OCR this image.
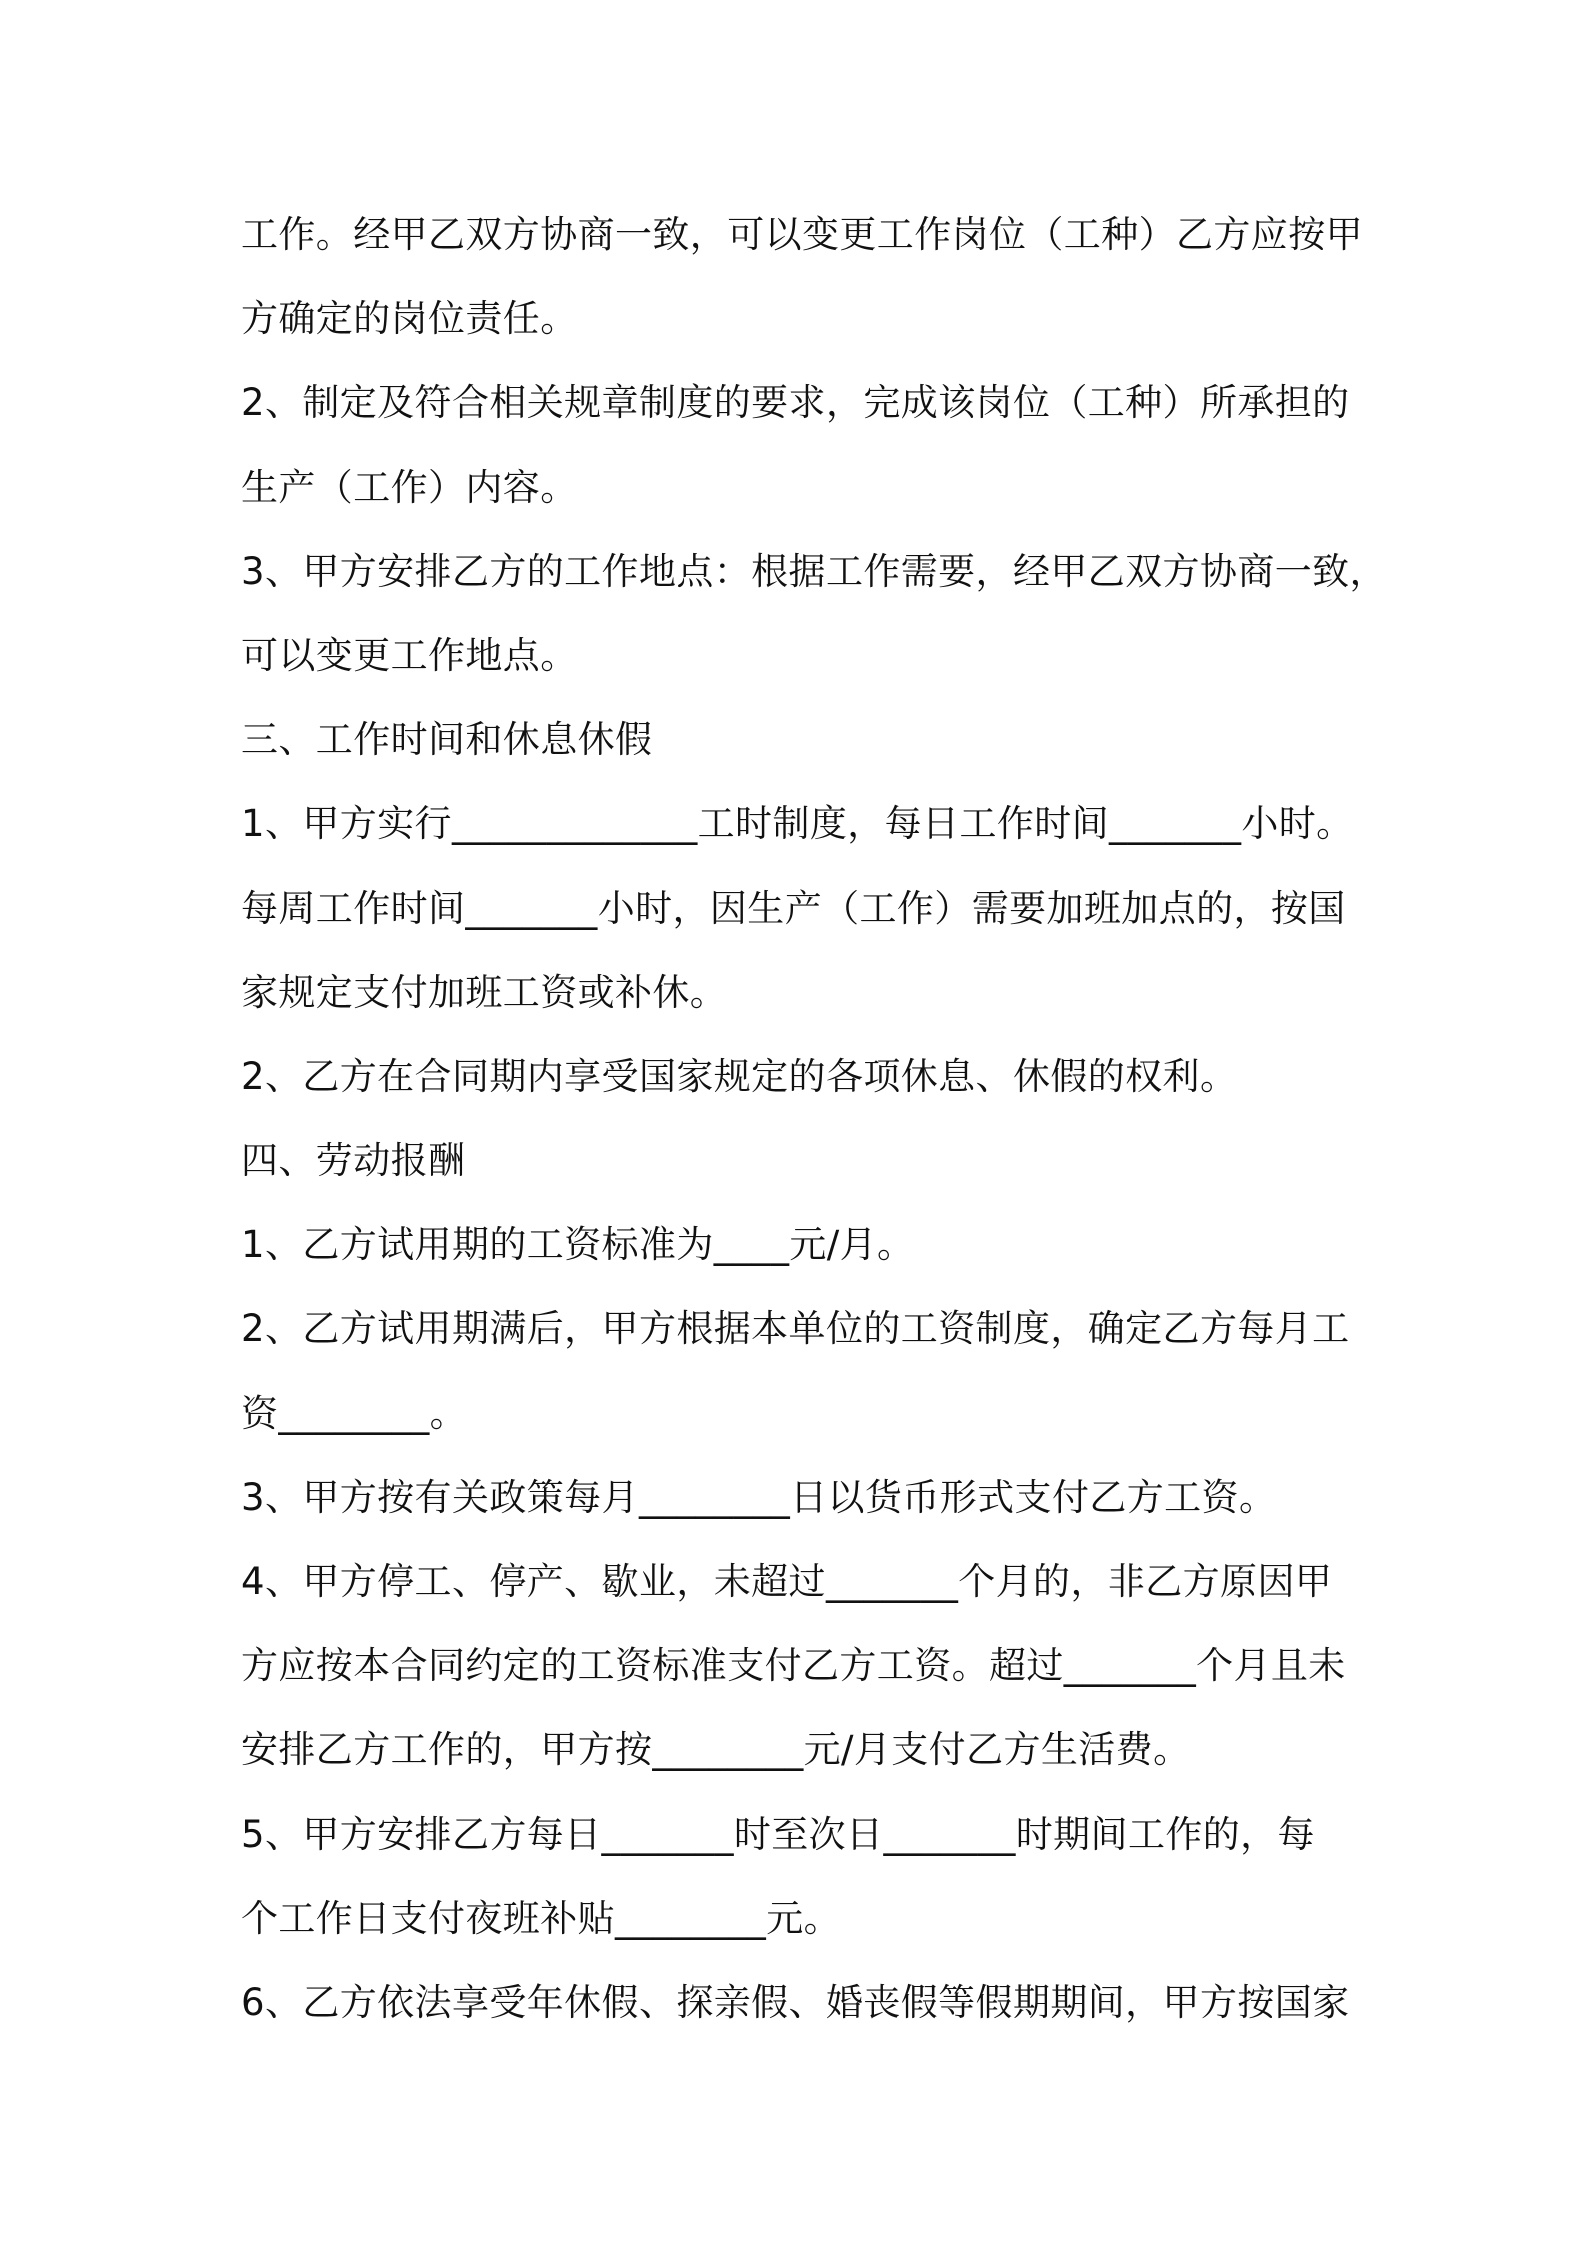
工作。经甲乙双方协商一致，可以变更工作岗位（工种）乙方应按甲
方确定的岗位责任。
2、制定及符合相关规章制度的要求，完成该岗位（工种）所承担的
生产（工作）内容。
3、甲方安排乙方的工作地点：根据工作需要，经甲乙双方协商一致，
可以变更工作地点。
三、工作时间和休息休假
1、甲方实行_____________工时制度，每日工作时间_______小时。
每周工作时间_______小时，因生产（工作）需要加班加点的，按国
家规定支付加班工资或补休。
2、乙方在合同期内享受国家规定的各项休息、休假的权利。
四、劳动报酬
1、乙方试用期的工资标准为____元/月。
2、乙方试用期满后，甲方根据本单位的工资制度，确定乙方每月工
资________。
3、甲方按有关政策每月________日以货币形式支付乙方工资。
4、甲方停工、停产、歇业，未超过_______个月的，非乙方原因甲
方应按本合同约定的工资标准支付乙方工资。超过_______个月且未
安排乙方工作的，甲方按________元/月支付乙方生活费。
5、甲方安排乙方每日_______时至次日_______时期间工作的，每
个工作日支付夜班补贴________元。
6、乙方依法享受年休假、探亲假、婚丧假等假期期间，甲方按国家
